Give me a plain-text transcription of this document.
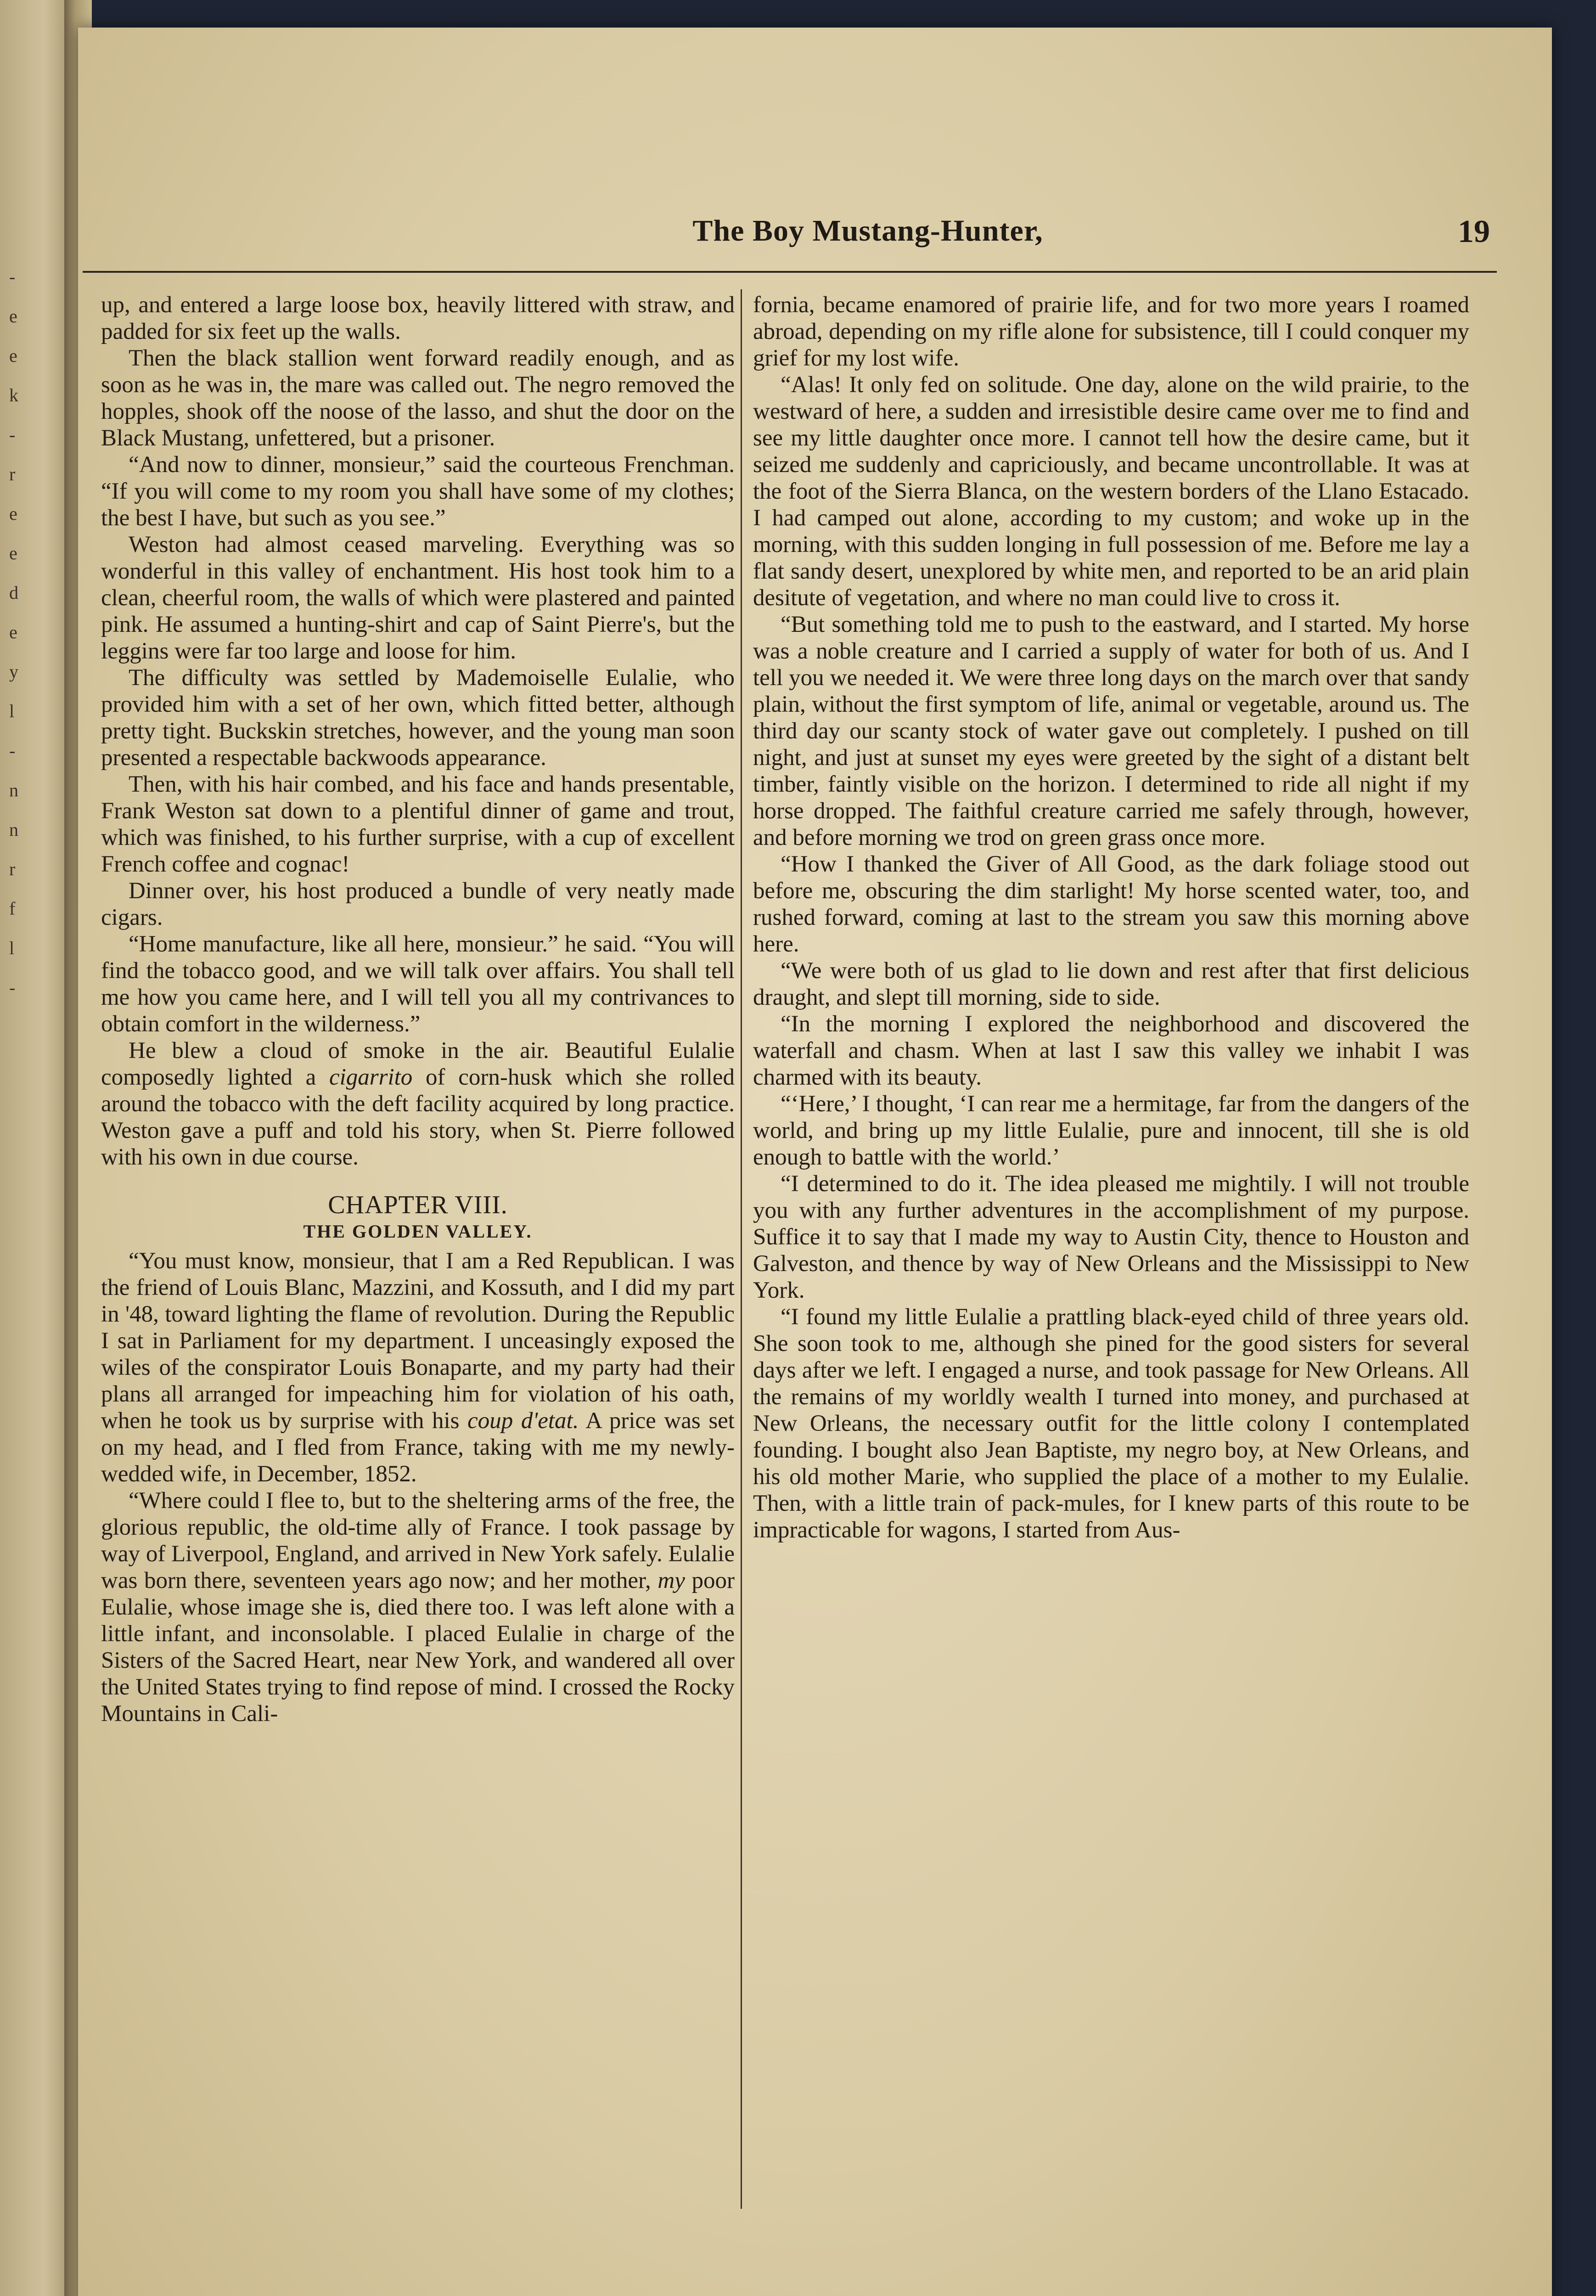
-
e
e
k
-
r
e
e
d
e
y
l
-
n
n
r
f
l
-
The Boy Mustang-Hunter,	19

up, and entered a large loose box, heavily littered with straw, and padded for six feet up the walls.

Then the black stallion went forward readily enough, and as soon as he was in, the mare was called out. The negro removed the hopples, shook off the noose of the lasso, and shut the door on the Black Mustang, unfettered, but a prisoner.

“And now to dinner, monsieur,” said the courteous Frenchman. “If you will come to my room you shall have some of my clothes; the best I have, but such as you see.”

Weston had almost ceased marveling. Everything was so wonderful in this valley of enchantment. His host took him to a clean, cheerful room, the walls of which were plastered and painted pink. He assumed a hunting-shirt and cap of Saint Pierre's, but the leggins were far too large and loose for him.

The difficulty was settled by Mademoiselle Eulalie, who provided him with a set of her own, which fitted better, although pretty tight. Buckskin stretches, however, and the young man soon presented a respectable backwoods appearance.

Then, with his hair combed, and his face and hands presentable, Frank Weston sat down to a plentiful dinner of game and trout, which was finished, to his further surprise, with a cup of excellent French coffee and cognac!

Dinner over, his host produced a bundle of very neatly made cigars.

“Home manufacture, like all here, monsieur.” he said. “You will find the tobacco good, and we will talk over affairs. You shall tell me how you came here, and I will tell you all my contrivances to obtain comfort in the wilderness.”

He blew a cloud of smoke in the air. Beautiful Eulalie composedly lighted a cigarrito of corn-husk which she rolled around the tobacco with the deft facility acquired by long practice. Weston gave a puff and told his story, when St. Pierre followed with his own in due course.

CHAPTER VIII.
THE GOLDEN VALLEY.

“You must know, monsieur, that I am a Red Republican. I was the friend of Louis Blanc, Mazzini, and Kossuth, and I did my part in '48, toward lighting the flame of revolution. During the Republic I sat in Parliament for my department. I unceasingly exposed the wiles of the conspirator Louis Bonaparte, and my party had their plans all arranged for impeaching him for violation of his oath, when he took us by surprise with his coup d'etat. A price was set on my head, and I fled from France, taking with me my newly-wedded wife, in December, 1852.

“Where could I flee to, but to the sheltering arms of the free, the glorious republic, the old-time ally of France. I took passage by way of Liverpool, England, and arrived in New York safely. Eulalie was born there, seventeen years ago now; and her mother, my poor Eulalie, whose image she is, died there too. I was left alone with a little infant, and inconsolable. I placed Eulalie in charge of the Sisters of the Sacred Heart, near New York, and wandered all over the United States trying to find repose of mind. I crossed the Rocky Mountains in Cali-

fornia, became enamored of prairie life, and for two more years I roamed abroad, depending on my rifle alone for subsistence, till I could conquer my grief for my lost wife.

“Alas! It only fed on solitude. One day, alone on the wild prairie, to the westward of here, a sudden and irresistible desire came over me to find and see my little daughter once more. I cannot tell how the desire came, but it seized me suddenly and capriciously, and became uncontrollable. It was at the foot of the Sierra Blanca, on the western borders of the Llano Estacado. I had camped out alone, according to my custom; and woke up in the morning, with this sudden longing in full possession of me. Before me lay a flat sandy desert, unexplored by white men, and reported to be an arid plain desitute of vegetation, and where no man could live to cross it.

“But something told me to push to the eastward, and I started. My horse was a noble creature and I carried a supply of water for both of us. And I tell you we needed it. We were three long days on the march over that sandy plain, without the first symptom of life, animal or vegetable, around us. The third day our scanty stock of water gave out completely. I pushed on till night, and just at sunset my eyes were greeted by the sight of a distant belt timber, faintly visible on the horizon. I determined to ride all night if my horse dropped. The faithful creature carried me safely through, however, and before morning we trod on green grass once more.

“How I thanked the Giver of All Good, as the dark foliage stood out before me, obscuring the dim starlight! My horse scented water, too, and rushed forward, coming at last to the stream you saw this morning above here.

“We were both of us glad to lie down and rest after that first delicious draught, and slept till morning, side to side.

“In the morning I explored the neighborhood and discovered the waterfall and chasm. When at last I saw this valley we inhabit I was charmed with its beauty.

“‘Here,’ I thought, ‘I can rear me a hermitage, far from the dangers of the world, and bring up my little Eulalie, pure and innocent, till she is old enough to battle with the world.’

“I determined to do it. The idea pleased me mightily. I will not trouble you with any further adventures in the accomplishment of my purpose. Suffice it to say that I made my way to Austin City, thence to Houston and Galveston, and thence by way of New Orleans and the Mississippi to New York.

“I found my little Eulalie a prattling black-eyed child of three years old. She soon took to me, although she pined for the good sisters for several days after we left. I engaged a nurse, and took passage for New Orleans. All the remains of my worldly wealth I turned into money, and purchased at New Orleans, the necessary outfit for the little colony I contemplated founding. I bought also Jean Baptiste, my negro boy, at New Orleans, and his old mother Marie, who supplied the place of a mother to my Eulalie. Then, with a little train of pack-mules, for I knew parts of this route to be impracticable for wagons, I started from Aus-
